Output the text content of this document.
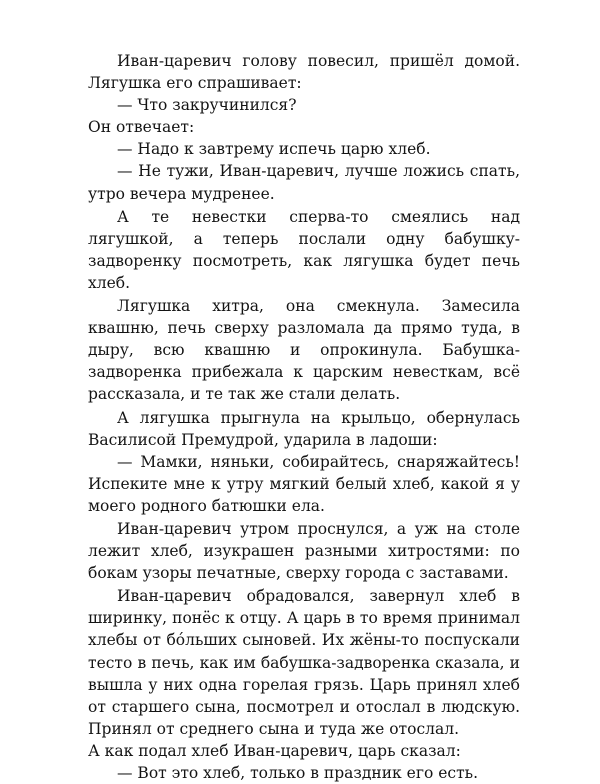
Иван-царевич голову повесил, пришёл домой. Лягушка его спрашивает:

— Что закручинился?

Он отвечает:

— Надо к завтрему испечь царю хлеб.

— Не тужи, Иван-царевич, лучше ложись спать, утро вечера мудренее.

А те невестки сперва-то смеялись над лягушкой, а теперь послали одну бабушку-задворенку посмотреть, как лягушка будет печь хлеб.

Лягушка хитра, она смекнула. Замесила квашню, печь сверху разломала да прямо туда, в дыру, всю квашню и опрокинула. Бабушка-задворенка прибежала к царским невесткам, всё рассказала, и те так же стали делать.

А лягушка прыгнула на крыльцо, обернулась Василисой Премудрой, ударила в ладоши:

— Мамки, няньки, собирайтесь, снаряжайтесь! Испеките мне к утру мягкий белый хлеб, какой я у моего родного батюшки ела.

Иван-царевич утром проснулся, а уж на столе лежит хлеб, изукрашен разными хитростями: по бокам узоры печатные, сверху города с заставами.

Иван-царевич обрадовался, завернул хлеб в ширинку, понёс к отцу. А царь в то время принимал хлебы от бо́льших сыновей. Их жёны-то поспускали тесто в печь, как им бабушка-задворенка сказала, и вышла у них одна горелая грязь. Царь принял хлеб от старшего сына, посмотрел и отослал в людскую. Принял от среднего сына и туда же отослал.

А как подал хлеб Иван-царевич, царь сказал:

— Вот это хлеб, только в праздник его есть.
